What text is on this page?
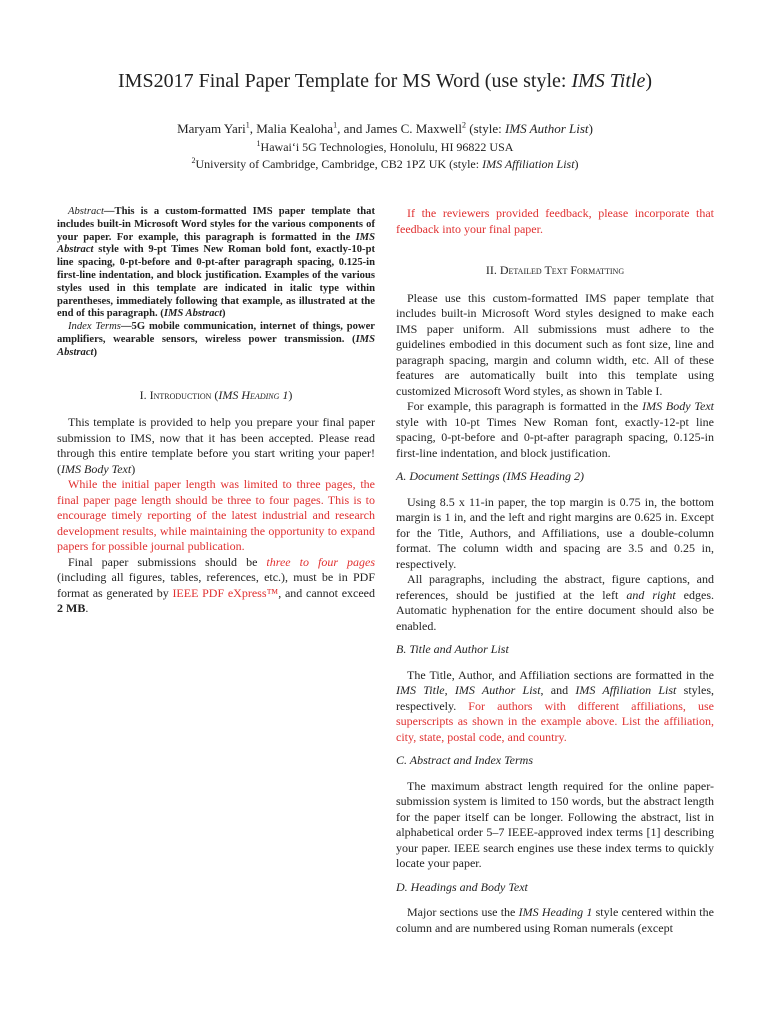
IMS2017 Final Paper Template for MS Word (use style: IMS Title)
Maryam Yari$^1$, Malia Kealoha$^1$, and James C. Maxwell$^2$ (style: IMS Author List)
$^1$Hawai‘i 5G Technologies, Honolulu, HI 96822 USA
$^2$University of Cambridge, Cambridge, CB2 1PZ UK (style: IMS Affiliation List)

Abstract—This is a custom-formatted IMS paper template that includes built-in Microsoft Word styles for the various components of your paper. For example, this paragraph is formatted in the IMS Abstract style with 9-pt Times New Roman bold font, exactly-10-pt line spacing, 0-pt-before and 0-pt-after paragraph spacing, 0.125-in first-line indentation, and block justification. Examples of the various styles used in this template are indicated in italic type within parentheses, immediately following that example, as illustrated at the end of this paragraph. (IMS Abstract)

Index Terms—5G mobile communication, internet of things, power amplifiers, wearable sensors, wireless power transmission. (IMS Abstract)

I. Introduction (IMS Heading 1)

This template is provided to help you prepare your final paper submission to IMS, now that it has been accepted. Please read through this entire template before you start writing your paper! (IMS Body Text)

While the initial paper length was limited to three pages, the final paper page length should be three to four pages. This is to encourage timely reporting of the latest industrial and research development results, while maintaining the opportunity to expand papers for possible journal publication.

Final paper submissions should be three to four pages (including all figures, tables, references, etc.), must be in PDF format as generated by IEEE PDF eXpress™, and cannot exceed 2 MB.

If the reviewers provided feedback, please incorporate that feedback into your final paper.

II. Detailed Text Formatting

Please use this custom-formatted IMS paper template that includes built-in Microsoft Word styles designed to make each IMS paper uniform. All submissions must adhere to the guidelines embodied in this document such as font size, line and paragraph spacing, margin and column width, etc. All of these features are automatically built into this template using customized Microsoft Word styles, as shown in Table I.

For example, this paragraph is formatted in the IMS Body Text style with 10-pt Times New Roman font, exactly-12-pt line spacing, 0-pt-before and 0-pt-after paragraph spacing, 0.125-in first-line indentation, and block justification.

A. Document Settings (IMS Heading 2)

Using 8.5 x 11-in paper, the top margin is 0.75 in, the bottom margin is 1 in, and the left and right margins are 0.625 in. Except for the Title, Authors, and Affiliations, use a double-column format. The column width and spacing are 3.5 and 0.25 in, respectively.

All paragraphs, including the abstract, figure captions, and references, should be justified at the left and right edges. Automatic hyphenation for the entire document should also be enabled.

B. Title and Author List

The Title, Author, and Affiliation sections are formatted in the IMS Title, IMS Author List, and IMS Affiliation List styles, respectively. For authors with different affiliations, use superscripts as shown in the example above. List the affiliation, city, state, postal code, and country.

C. Abstract and Index Terms

The maximum abstract length required for the online paper-submission system is limited to 150 words, but the abstract length for the paper itself can be longer. Following the abstract, list in alphabetical order 5–7 IEEE-approved index terms [1] describing your paper. IEEE search engines use these index terms to quickly locate your paper.

D. Headings and Body Text

Major sections use the IMS Heading 1 style centered within the column and are numbered using Roman numerals (except
